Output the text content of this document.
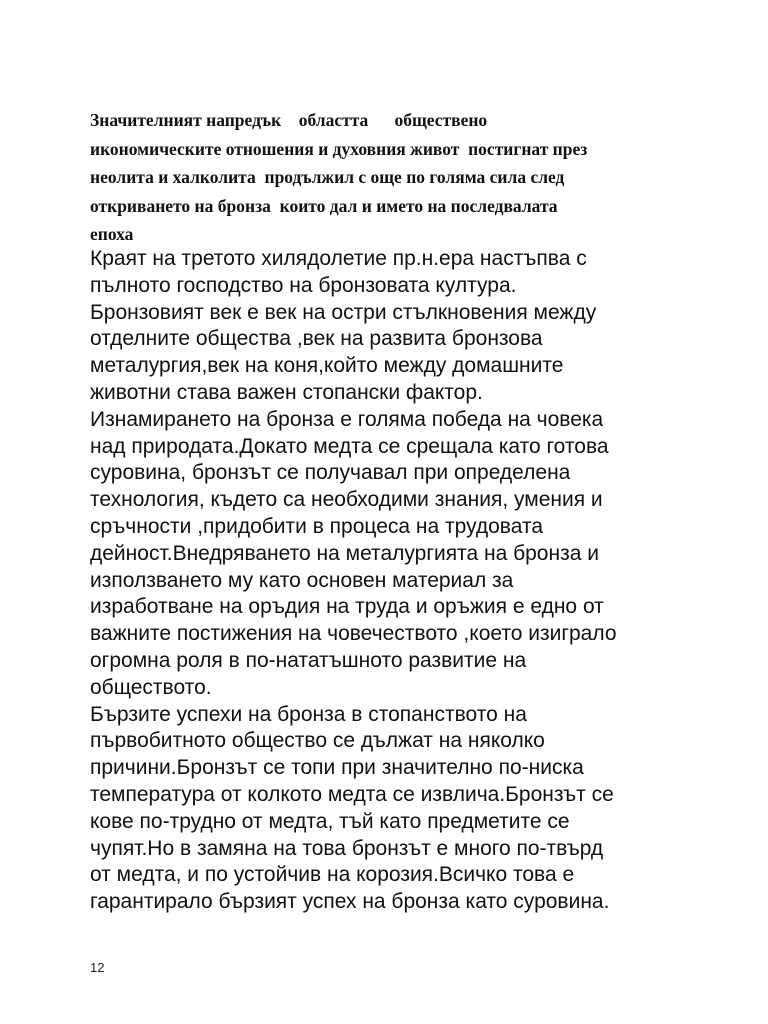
Значителният напредък    областта      обществено
икономическите отношения и духовния живот  постигнат през
неолита и халколита  продължил с още по голяма сила след
откриването на бронза  които дал и името на последвалата
епоха
Краят на третото хилядолетие пр.н.ера настъпва с
пълното господство на бронзовата култура.
Бронзовият век е век на остри стълкновения между
отделните общества ,век на развита бронзова
металургия,век на коня,който между домашните
животни става важен стопански фактор.
Изнамирането на бронза е голяма победа на човека
над природата.Докато медта се срещала като готова
суровина, бронзът се получавал при определена
технология, където са необходими знания, умения и
сръчности ,придобити в процеса на трудовата
дейност.Внедряването на металургията на бронза и
използването му като основен материал за
изработване на оръдия на труда и оръжия е едно от
важните постижения на човечеството ,което изиграло
огромна роля в по-нататъшното развитие на
обществото.
Бързите успехи на бронза в стопанството на
първобитното общество се дължат на няколко
причини.Бронзът се топи при значително по-ниска
температура от колкото медта се извлича.Бронзът се
кове по-трудно от медта, тъй като предметите се
чупят.Но в замяна на това бронзът е много по-твърд
от медта, и по устойчив на корозия.Всичко това е
гарантирало бързият успех на бронза като суровина.
12
